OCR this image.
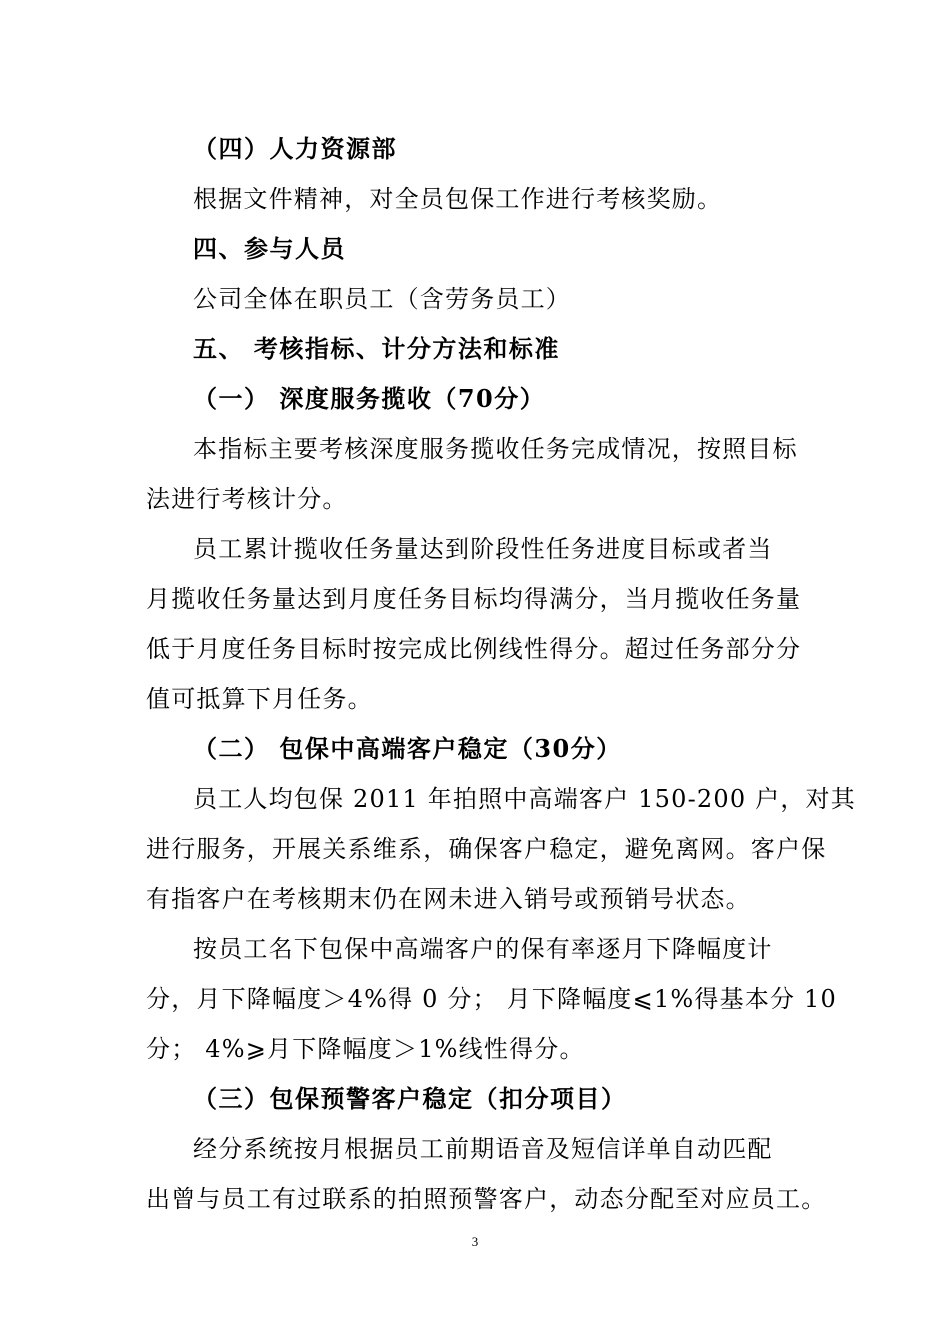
（四）人力资源部
根据文件精神，对全员包保工作进行考核奖励。
四、参与人员
公司全体在职员工（含劳务员工）
五、 考核指标、计分方法和标准
（一） 深度服务揽收（70分）
本指标主要考核深度服务揽收任务完成情况，按照目标
法进行考核计分。
员工累计揽收任务量达到阶段性任务进度目标或者当
月揽收任务量达到月度任务目标均得满分，当月揽收任务量
低于月度任务目标时按完成比例线性得分。超过任务部分分
值可抵算下月任务。
（二） 包保中高端客户稳定（30分）
员工人均包保 2011 年拍照中高端客户 150-200 户，对其
进行服务，开展关系维系，确保客户稳定，避免离网。客户保
有指客户在考核期末仍在网未进入销号或预销号状态。
按员工名下包保中高端客户的保有率逐月下降幅度计
分，月下降幅度＞4%得 0 分； 月下降幅度⩽1%得基本分 10
分； 4%⩾月下降幅度＞1%线性得分。
（三）包保预警客户稳定（扣分项目）
经分系统按月根据员工前期语音及短信详单自动匹配
出曾与员工有过联系的拍照预警客户，动态分配至对应员工。
3
